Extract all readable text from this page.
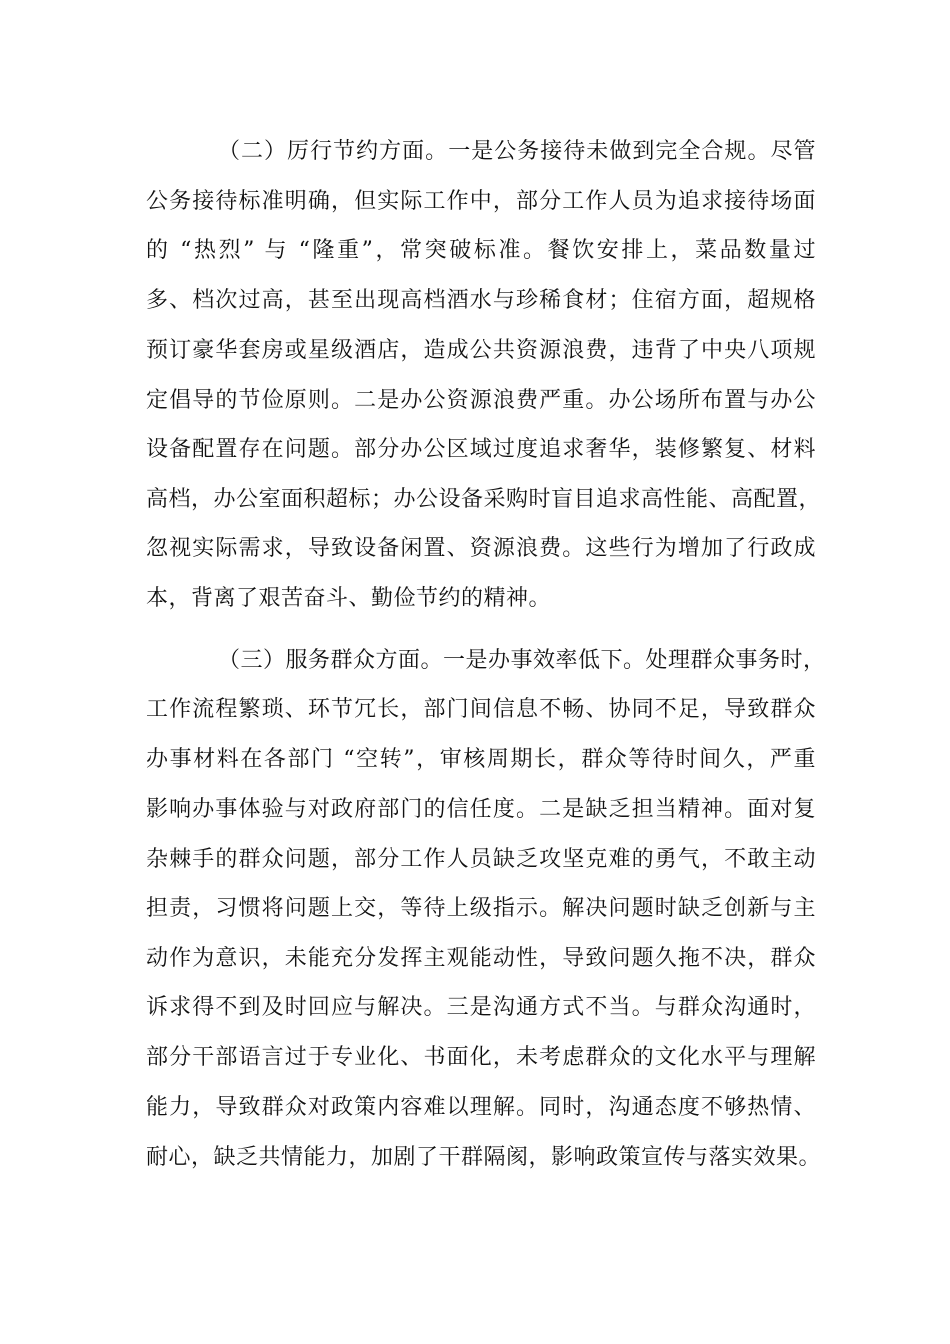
（二）厉行节约方面。一是公务接待未做到完全合规。尽管
公务接待标准明确，但实际工作中，部分工作人员为追求接待场面
的 “热烈” 与 “隆重”，常突破标准。餐饮安排上，菜品数量过
多、档次过高，甚至出现高档酒水与珍稀食材；住宿方面，超规格
预订豪华套房或星级酒店，造成公共资源浪费，违背了中央八项规
定倡导的节俭原则。二是办公资源浪费严重。办公场所布置与办公
设备配置存在问题。部分办公区域过度追求奢华，装修繁复、材料
高档，办公室面积超标；办公设备采购时盲目追求高性能、高配置，
忽视实际需求，导致设备闲置、资源浪费。这些行为增加了行政成
本，背离了艰苦奋斗、勤俭节约的精神。
（三）服务群众方面。一是办事效率低下。处理群众事务时，
工作流程繁琐、环节冗长，部门间信息不畅、协同不足，导致群众
办事材料在各部门 “空转”，审核周期长，群众等待时间久，严重
影响办事体验与对政府部门的信任度。二是缺乏担当精神。面对复
杂棘手的群众问题，部分工作人员缺乏攻坚克难的勇气，不敢主动
担责，习惯将问题上交，等待上级指示。解决问题时缺乏创新与主
动作为意识，未能充分发挥主观能动性，导致问题久拖不决，群众
诉求得不到及时回应与解决。三是沟通方式不当。与群众沟通时，
部分干部语言过于专业化、书面化，未考虑群众的文化水平与理解
能力，导致群众对政策内容难以理解。同时，沟通态度不够热情、
耐心，缺乏共情能力，加剧了干群隔阂，影响政策宣传与落实效果。
